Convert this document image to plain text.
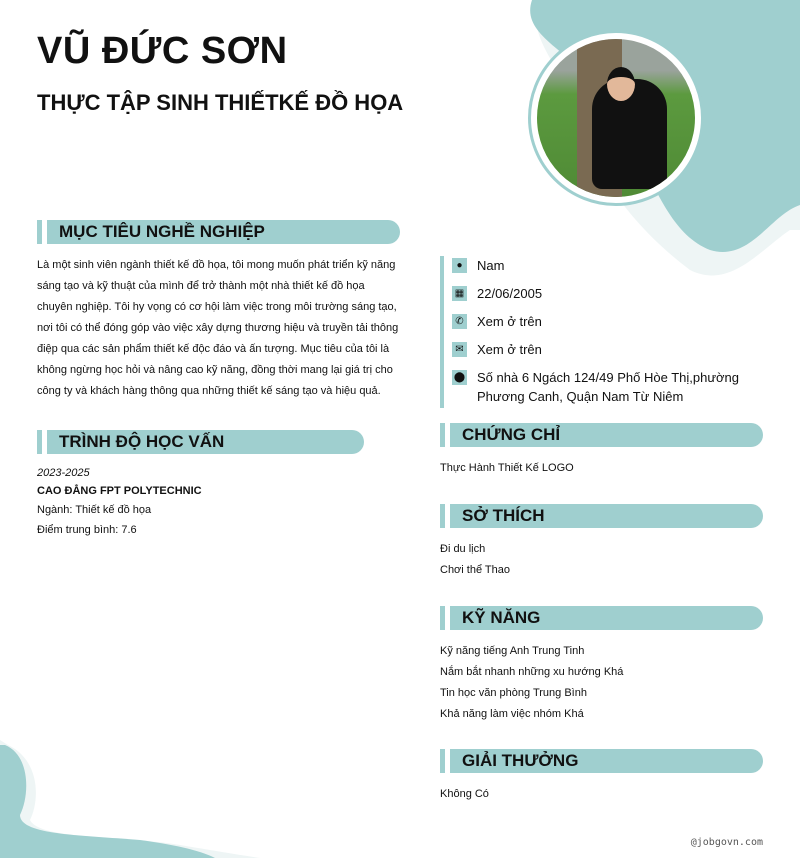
VŨ ĐỨC SƠN
THỰC TẬP SINH THIẾTKẾ ĐỒ HỌA
MỤC TIÊU NGHỀ NGHIỆP
Là một sinh viên ngành thiết kế đồ họa, tôi mong muốn phát triển kỹ năng sáng tạo và kỹ thuật của mình để trở thành một nhà thiết kế đồ họa chuyên nghiệp. Tôi hy vọng có cơ hội làm việc trong môi trường sáng tạo, nơi tôi có thể đóng góp vào việc xây dựng thương hiệu và truyền tải thông điệp qua các sản phẩm thiết kế độc đáo và ấn tượng. Mục tiêu của tôi là không ngừng học hỏi và nâng cao kỹ năng, đồng thời mang lại giá trị cho công ty và khách hàng thông qua những thiết kế sáng tạo và hiệu quả.
TRÌNH ĐỘ HỌC VẤN
2023-2025
CAO ĐẲNG FPT POLYTECHNIC
Ngành: Thiết kế đồ họa
Điểm trung bình: 7.6
●	Nam
▦ 22/06/2005
✆ Xem ở trên
✉ Xem ở trên
⬤ Số nhà 6 Ngách 124/49 Phố Hòe Thị,phường Phương Canh, Quận Nam Từ Niêm
CHỨNG CHỈ
Thực Hành Thiết Kế LOGO
SỞ THÍCH
Đi du lịch
Chơi thể Thao
KỸ NĂNG
Kỹ năng tiếng Anh Trung Tinh
Nắm bắt nhanh những xu hướng Khá
Tin học văn phòng Trung Bình
Khả năng làm việc nhóm Khá
GIẢI THƯỞNG
Không Có
@jobgovn.com
